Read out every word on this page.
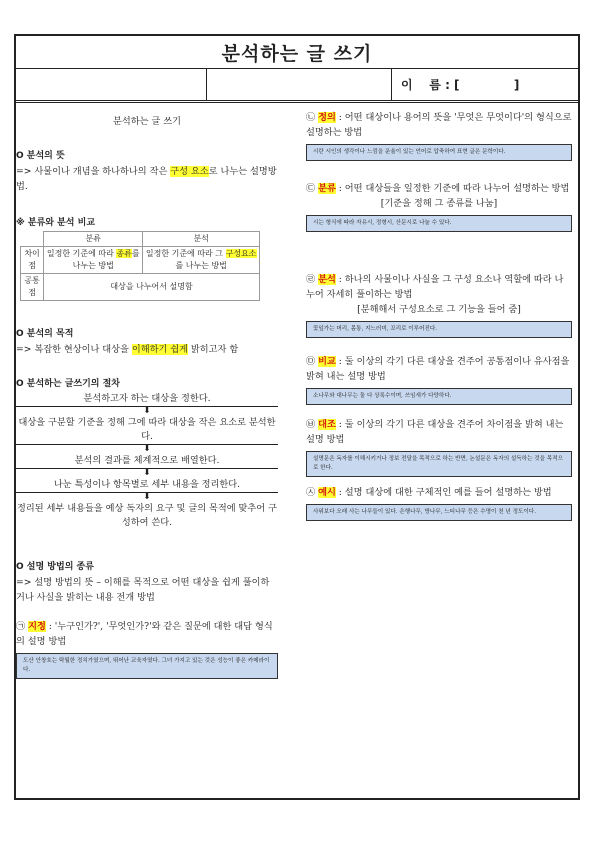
분석하는 글 쓰기
이    름 : [             ]
분석하는 글 쓰기
O 분석의 뜻
=> 사물이나 개념을 하나하나의 작은 구성 요소로 나누는 설명방법.
※ 분류와 분석 비교
	분류	분석
차이점	일정한 기준에 따라 종류를 나누는 방법	일정한 기준에 따라 그 구성요소를 나누는 방법
공통점	대상을 나누어서 설명함	
O 분석의 목적
=> 복잡한 현상이나 대상을 이해하기 쉽게 밝히고자 함
O 분석하는 글쓰기의 절차
분석하고자 하는 대상을 정한다.
⬇
대상을 구분할 기준을 정해 그에 따라 대상을 작은 요소로 분석한다.
⬇
분석의 결과를 체계적으로 배열한다.
⬇
나눈 특성이나 항목별로 세부 내용을 정리한다.
⬇
정리된 세부 내용들을 예상 독자의 요구 및 글의 목적에 맞추어 구성하여 쓴다.
O 설명 방법의 종류
=> 설명 방법의 뜻 – 이해를 목적으로 어떤 대상을 쉽게 풀이하거나 사실을 밝히는 내용 전개 방법
㉠ 지정 : '누구인가?', '무엇인가?'와 같은 질문에 대한 대답 형식의 설명 방법
도산 안창호는 탁월한 정치가였으며, 뛰어난 교육자였다. 그녀 가지고 있는 것은 성능이 좋은 카메라이다.
㉡ 정의 : 어떤 대상이나 용어의 뜻을 '무엇은 무엇이다'의 형식으로 설명하는 방법
시란 시인의 생각이나 느낌을 운율이 있는 언어로 압축하여 표현 글은 문학이다.
㉢ 분류 : 어떤 대상들을 일정한 기준에 따라 나누어 설명하는 방법
[기준을 정해 그 종류를 나눔]
시는 형식에 따라 자유시, 정형시, 산문시로 나눌 수 있다.
㉣ 분석 : 하나의 사물이나 사실을 그 구성 요소나 역할에 따라 나누어 자세히 풀이하는 방법
[분해해서 구성요소로 그 기능을 들어 줌]
꽃잎가는 머리, 몸통, 지느러미, 꼬리로 이루어진다.
㉤ 비교 : 둘 이상의 각기 다른 대상을 견주어 공통점이나 유사점을 밝혀 내는 설명 방법
소나무와 대나무는 둘 다 상록수이며, 쓰임새가 다양하다.
㉥ 대조 : 둘 이상의 각기 다른 대상을 견주어 차이점을 밝혀 내는 설명 방법
설명문은 독자를 이해시키거나 정보 전달을 목적으로 하는 반면, 논설문은 독자의 설득하는 것을 목적으로 한다.
㉦ 예시 : 설명 대상에 대한 구체적인 예를 들어 설명하는 방법
사위보다 오래 사는 나무들이 있다. 은행나무, 방나무, 느티나무 등은 수명이 천 년 정도이다.
